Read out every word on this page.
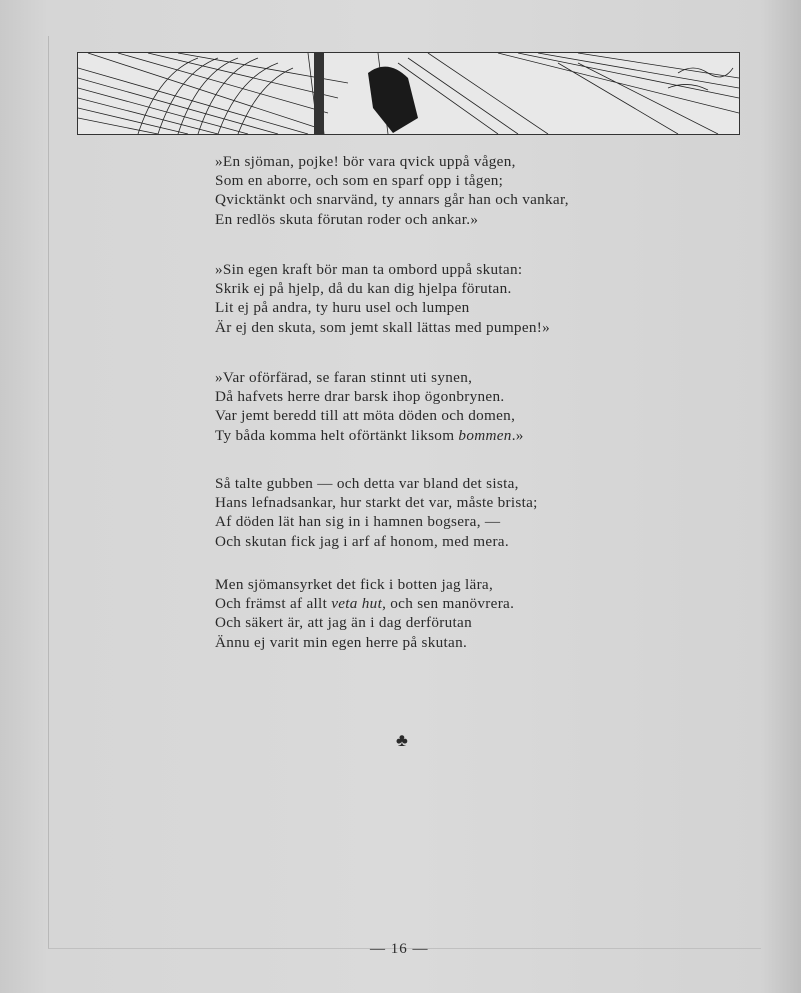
»En sjöman, pojke! bör vara qvick uppå vågen,
Som en aborre, och som en sparf opp i tågen;
Qvicktänkt och snarvänd, ty annars går han och vankar,
En redlös skuta förutan roder och ankar.»
»Sin egen kraft bör man ta ombord uppå skutan:
Skrik ej på hjelp, då du kan dig hjelpa förutan.
Lit ej på andra, ty huru usel och lumpen
Är ej den skuta, som jemt skall lättas med pumpen!»
»Var oförfärad, se faran stinnt uti synen,
Då hafvets herre drar barsk ihop ögonbrynen.
Var jemt beredd till att möta döden och domen,
Ty båda komma helt oförtänkt liksom bommen.»
Så talte gubben — och detta var bland det sista,
Hans lefnadsankar, hur starkt det var, måste brista;
Af döden lät han sig in i hamnen bogsera, —
Och skutan fick jag i arf af honom, med mera.
Men sjömansyrket det fick i botten jag lära,
Och främst af allt veta hut, och sen manövrera.
Och säkert är, att jag än i dag derförutan
Ännu ej varit min egen herre på skutan.
♣
— 16 —
